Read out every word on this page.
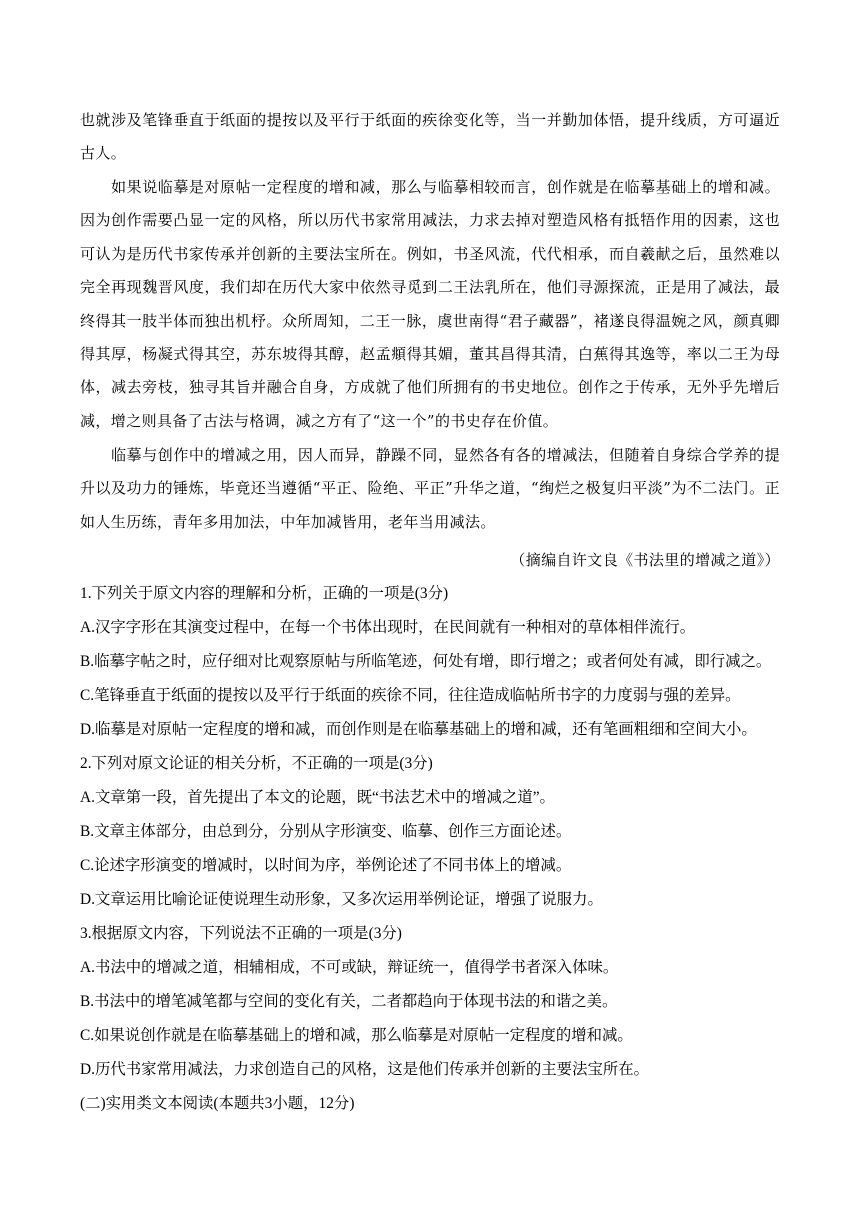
也就涉及笔锋垂直于纸面的提按以及平行于纸面的疾徐变化等，当一并勤加体悟，提升线质，方可逼近古人。

　　如果说临摹是对原帖一定程度的增和减，那么与临摹相较而言，创作就是在临摹基础上的增和减。因为创作需要凸显一定的风格，所以历代书家常用减法，力求去掉对塑造风格有抵牾作用的因素，这也可认为是历代书家传承并创新的主要法宝所在。例如，书圣风流，代代相承，而自羲献之后，虽然难以完全再现魏晋风度，我们却在历代大家中依然寻觅到二王法乳所在，他们寻源探流，正是用了减法，最终得其一肢半体而独出机杼。众所周知，二王一脉，虞世南得“君子藏器”，褚遂良得温婉之风，颜真卿得其厚，杨凝式得其空，苏东坡得其醇，赵孟頫得其媚，董其昌得其清，白蕉得其逸等，率以二王为母体，减去旁枝，独寻其旨并融合自身，方成就了他们所拥有的书史地位。创作之于传承，无外乎先增后减，增之则具备了古法与格调，减之方有了“这一个”的书史存在价值。

　　临摹与创作中的增减之用，因人而异，静躁不同，显然各有各的增减法，但随着自身综合学养的提升以及功力的锤炼，毕竟还当遵循“平正、险绝、平正”升华之道，“绚烂之极复归平淡”为不二法门。正如人生历练，青年多用加法，中年加减皆用，老年当用减法。

（摘编自许文良《书法里的增减之道》）

1.下列关于原文内容的理解和分析，正确的一项是(3分)

A.汉字字形在其演变过程中，在每一个书体出现时，在民间就有一种相对的草体相伴流行。

B.临摹字帖之时，应仔细对比观察原帖与所临笔迹，何处有增，即行增之；或者何处有减，即行减之。

C.笔锋垂直于纸面的提按以及平行于纸面的疾徐不同，往往造成临帖所书字的力度弱与强的差异。

D.临摹是对原帖一定程度的增和减，而创作则是在临摹基础上的增和减，还有笔画粗细和空间大小。

2.下列对原文论证的相关分析，不正确的一项是(3分)

A.文章第一段，首先提出了本文的论题，既“书法艺术中的增减之道”。

B.文章主体部分，由总到分，分别从字形演变、临摹、创作三方面论述。

C.论述字形演变的增减时，以时间为序，举例论述了不同书体上的增减。

D.文章运用比喻论证使说理生动形象，又多次运用举例论证，增强了说服力。

3.根据原文内容，下列说法不正确的一项是(3分)

A.书法中的增减之道，相辅相成，不可或缺，辩证统一，值得学书者深入体味。

B.书法中的增笔减笔都与空间的变化有关，二者都趋向于体现书法的和谐之美。

C.如果说创作就是在临摹基础上的增和减，那么临摹是对原帖一定程度的增和减。

D.历代书家常用减法，力求创造自己的风格，这是他们传承并创新的主要法宝所在。

(二)实用类文本阅读(本题共3小题，12分)
